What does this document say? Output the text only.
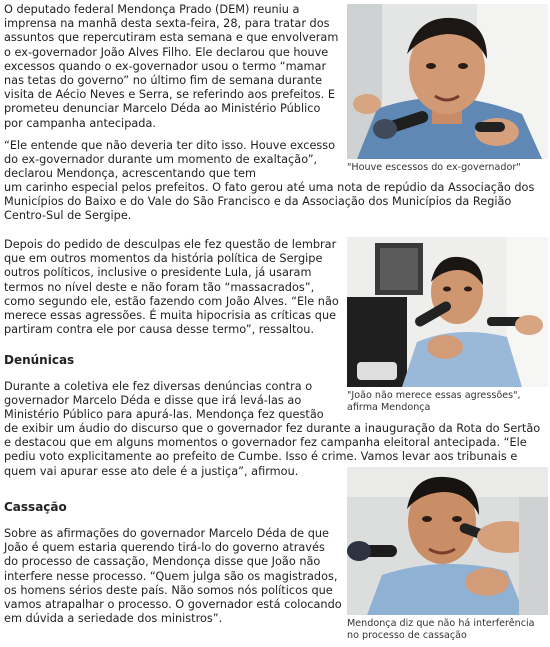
O deputado federal Mendonça Prado (DEM) reuniu a imprensa na manhã desta sexta-feira, 28, para tratar dos assuntos que repercutiram esta semana e que envolveram o ex-governador João Alves Filho. Ele declarou que houve excessos quando o ex-governador usou o termo “mamar nas tetas do governo” no último fim de semana durante visita de Aécio Neves e Serra, se referindo aos prefeitos. E prometeu denunciar Marcelo Déda ao Ministério Público por campanha antecipada.

“Ele entende que não deveria ter dito isso. Houve excesso do ex-governador durante um momento de exaltação”, declarou Mendonça, acrescentando que tem

um carinho especial pelos prefeitos. O fato gerou até uma nota de repúdio da Associação dos Municípios do Baixo e do Vale do São Francisco e da Associação dos Municípios da Região Centro-Sul de Sergipe.

Depois do pedido de desculpas ele fez questão de lembrar que em outros momentos da história política de Sergipe outros políticos, inclusive o presidente Lula, já usaram termos no nível deste e não foram tão “massacrados”, como segundo ele, estão fazendo com João Alves. “Ele não merece essas agressões. É muita hipocrisia as críticas que partiram contra ele por causa desse termo”, ressaltou.

Denúnicas

Durante a coletiva ele fez diversas denúncias contra o governador Marcelo Déda e disse que irá levá-las ao Ministério Público para apurá-las. Mendonça fez questão

de exibir um áudio do discurso que o governador fez durante a inauguração da Rota do Sertão e destacou que em alguns momentos o governador fez campanha eleitoral antecipada. “Ele pediu voto explicitamente ao prefeito de Cumbe. Isso é crime. Vamos levar aos tribunais e quem vai apurar esse ato dele é a justiça”, afirmou.

Cassação

Sobre as afirmações do governador Marcelo Déda de que João é quem estaria querendo tirá-lo do governo através do processo de cassação, Mendonça disse que João não interfere nesse processo. “Quem julga são os magistrados, os homens sérios deste país. Não somos nós políticos que vamos atrapalhar o processo. O governador está colocando em dúvida a seriedade dos ministros”.

"Houve escessos do ex-governador"
"João não merece essas agressões", afirma Mendonça
Mendonça diz que não há interferência no processo de cassação
